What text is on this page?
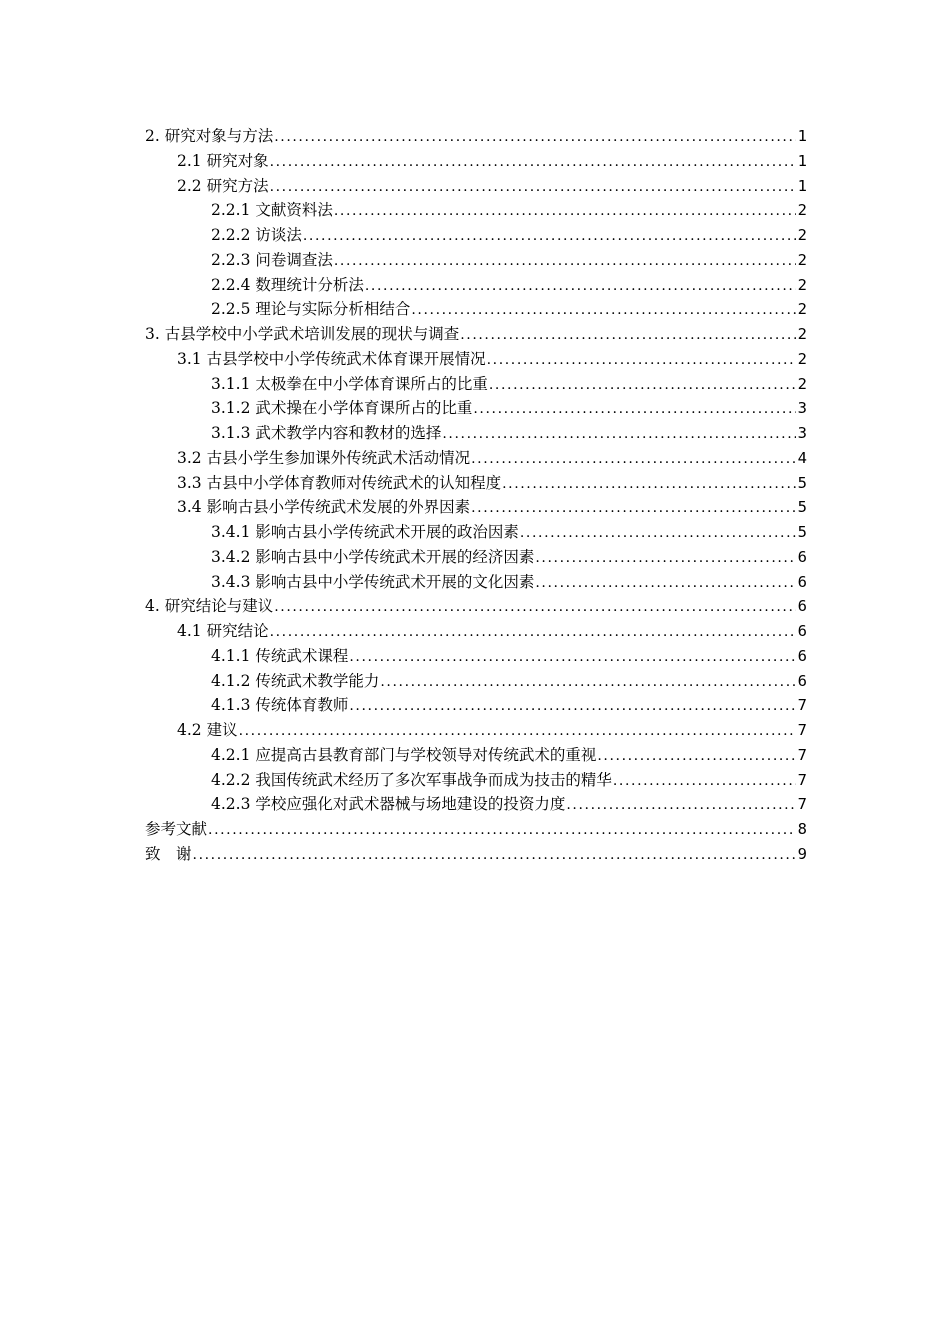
2. 研究对象与方法 .....	1
2.1 研究对象 .....	1
2.2 研究方法 .....	1
2.2.1 文献资料法 .....	2
2.2.2 访谈法 .....	2
2.2.3 问卷调查法 .....	2
2.2.4 数理统计分析法 .....	2
2.2.5 理论与实际分析相结合 .....	2
3. 古县学校中小学武术培训发展的现状与调查 .....	2
3.1 古县学校中小学传统武术体育课开展情况 .....	2
3.1.1 太极拳在中小学体育课所占的比重 .....	2
3.1.2 武术操在小学体育课所占的比重 .....	3
3.1.3 武术教学内容和教材的选择 .....	3
3.2 古县小学生参加课外传统武术活动情况 .....	4
3.3 古县中小学体育教师对传统武术的认知程度 .....	5
3.4 影响古县小学传统武术发展的外界因素 .....	5
3.4.1 影响古县小学传统武术开展的政治因素 .....	5
3.4.2 影响古县中小学传统武术开展的经济因素 .....	6
3.4.3 影响古县中小学传统武术开展的文化因素 .....	6
4. 研究结论与建议 .....	6
4.1 研究结论 .....	6
4.1.1 传统武术课程 .....	6
4.1.2 传统武术教学能力 .....	6
4.1.3 传统体育教师 .....	7
4.2 建议 .....	7
4.2.1 应提高古县教育部门与学校领导对传统武术的重视 .....	7
4.2.2 我国传统武术经历了多次军事战争而成为技击的精华 .....	7
4.2.3 学校应强化对武术器械与场地建设的投资力度 .....	7
参考文献 .....	8
致　谢 .....	9
